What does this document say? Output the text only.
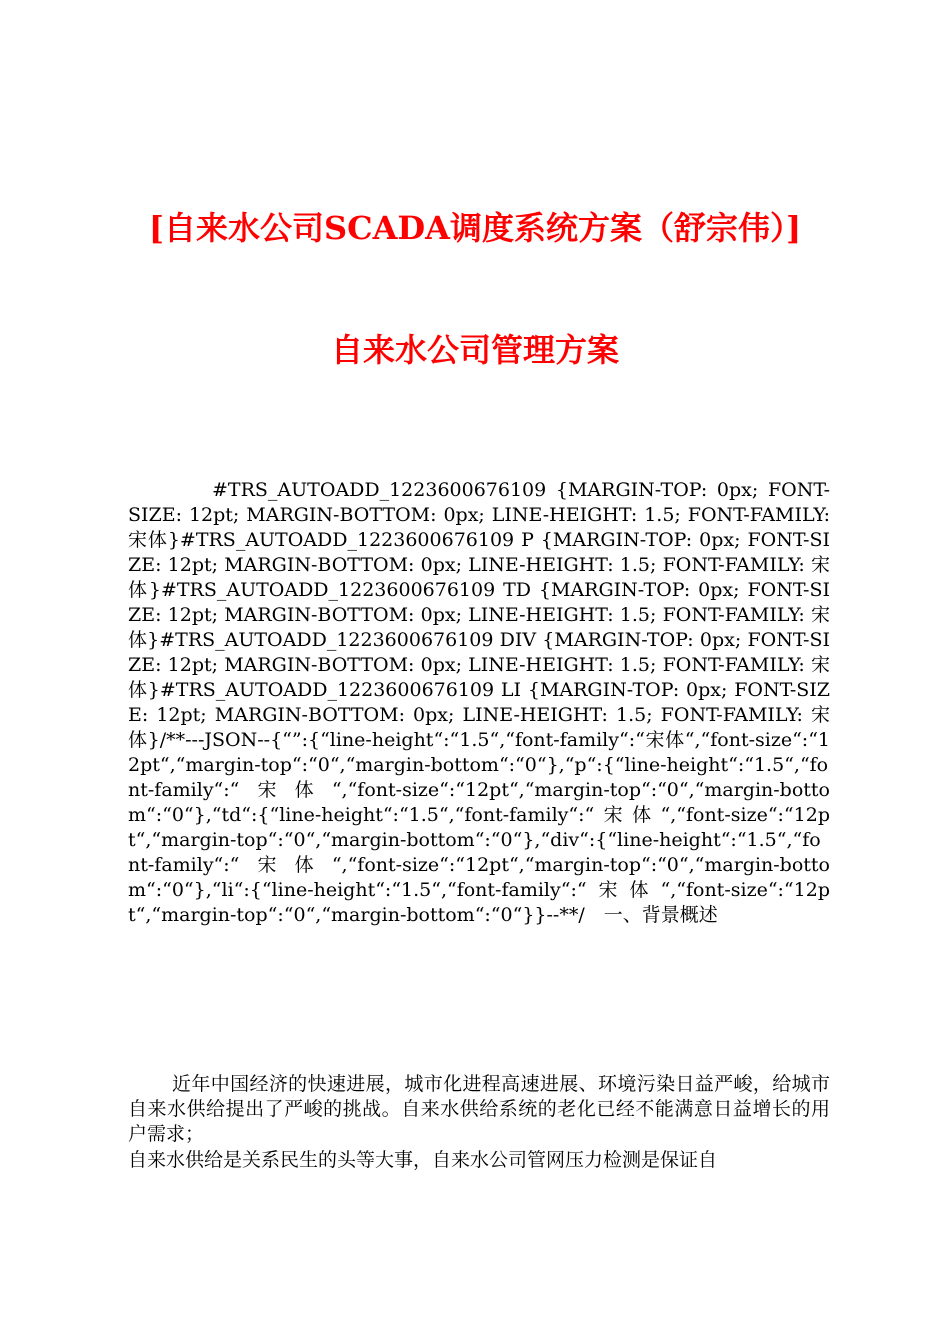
[自来水公司SCADA调度系统方案（舒宗伟）]
自来水公司管理方案
#TRS_AUTOADD_1223600676109 {MARGIN-TOP: 0px; FONT-SIZE: 12pt; MARGIN-BOTTOM: 0px; LINE-HEIGHT: 1.5; FONT-FAMILY: 宋体}#TRS_AUTOADD_1223600676109 P {MARGIN-TOP: 0px; FONT-SIZE: 12pt; MARGIN-BOTTOM: 0px; LINE-HEIGHT: 1.5; FONT-FAMILY: 宋体}#TRS_AUTOADD_1223600676109 TD {MARGIN-TOP: 0px; FONT-SIZE: 12pt; MARGIN-BOTTOM: 0px; LINE-HEIGHT: 1.5; FONT-FAMILY: 宋体}#TRS_AUTOADD_1223600676109 DIV {MARGIN-TOP: 0px; FONT-SIZE: 12pt; MARGIN-BOTTOM: 0px; LINE-HEIGHT: 1.5; FONT-FAMILY: 宋体}#TRS_AUTOADD_1223600676109 LI {MARGIN-TOP: 0px; FONT-SIZE: 12pt; MARGIN-BOTTOM: 0px; LINE-HEIGHT: 1.5; FONT-FAMILY: 宋体}/**---JSON--{“”:{“line-height“:“1.5“,“font-family“:“宋体“,“font-size“:“12pt“,“margin-top“:“0“,“margin-bottom“:“0“},“p“:{“line-height“:“1.5“,“font-family“:“宋体“,“font-size“:“12pt“,“margin-top“:“0“,“margin-bottom“:“0“},“td“:{“line-height“:“1.5“,“font-family“:“宋体“,“font-size“:“12pt“,“margin-top“:“0“,“margin-bottom“:“0“},“div“:{“line-height“:“1.5“,“font-family“:“宋体“,“font-size“:“12pt“,“margin-top“:“0“,“margin-bottom“:“0“},“li“:{“line-height“:“1.5“,“font-family“:“宋体“,“font-size“:“12pt“,“margin-top“:“0“,“margin-bottom“:“0“}}--**/　一、背景概述
近年中国经济的快速进展，城市化进程高速进展、环境污染日益严峻，给城市自来水供给提出了严峻的挑战。自来水供给系统的老化已经不能满意日益增长的用户需求；
自来水供给是关系民生的头等大事，自来水公司管网压力检测是保证自
